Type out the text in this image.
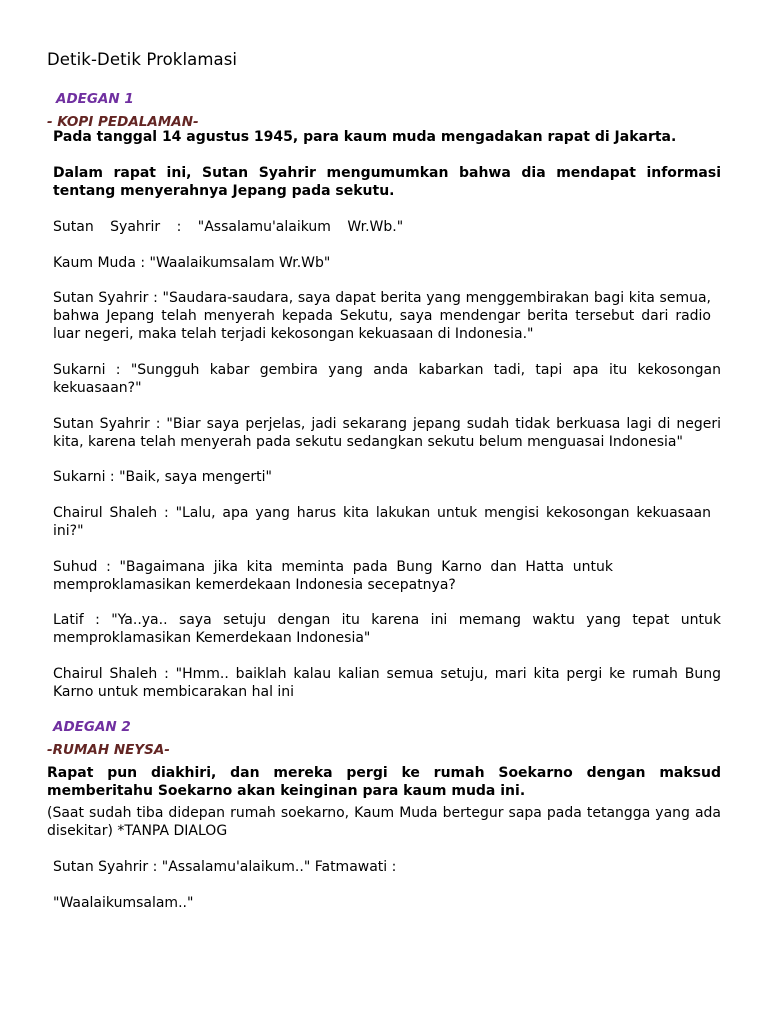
Detik-Detik Proklamasi
ADEGAN 1
- KOPI PEDALAMAN-
Pada tanggal 14 agustus 1945, para kaum muda mengadakan rapat di Jakarta.
Dalam rapat ini, Sutan Syahrir mengumumkan bahwa dia mendapat informasi tentang menyerahnya Jepang pada sekutu.
Sutan Syahrir : "Assalamu'alaikum Wr.Wb."
Kaum Muda : "Waalaikumsalam Wr.Wb"
Sutan Syahrir : "Saudara-saudara, saya dapat berita yang menggembirakan bagi kita semua, bahwa Jepang telah menyerah kepada Sekutu, saya mendengar berita tersebut dari radio luar negeri, maka telah terjadi kekosongan kekuasaan di Indonesia."
Sukarni : "Sungguh kabar gembira yang anda kabarkan tadi, tapi apa itu kekosongan kekuasaan?"
Sutan Syahrir : "Biar saya perjelas, jadi sekarang jepang sudah tidak berkuasa lagi di negeri kita, karena telah menyerah pada sekutu sedangkan sekutu belum menguasai Indonesia"
Sukarni : "Baik, saya mengerti"
Chairul Shaleh : "Lalu, apa yang harus kita lakukan untuk mengisi kekosongan kekuasaan ini?"
Suhud : "Bagaimana jika kita meminta pada Bung Karno dan Hatta untuk memproklamasikan kemerdekaan Indonesia secepatnya?
Latif : "Ya..ya.. saya setuju dengan itu karena ini memang waktu yang tepat untuk memproklamasikan Kemerdekaan Indonesia"
Chairul Shaleh : "Hmm.. baiklah kalau kalian semua setuju, mari kita pergi ke rumah Bung Karno untuk membicarakan hal ini
ADEGAN 2
-RUMAH NEYSA-
Rapat pun diakhiri, dan mereka pergi ke rumah Soekarno dengan maksud memberitahu Soekarno akan keinginan para kaum muda ini.
(Saat sudah tiba didepan rumah soekarno, Kaum Muda bertegur sapa pada tetangga yang ada disekitar) *TANPA DIALOG
Sutan Syahrir : "Assalamu'alaikum.." Fatmawati :
"Waalaikumsalam.."
